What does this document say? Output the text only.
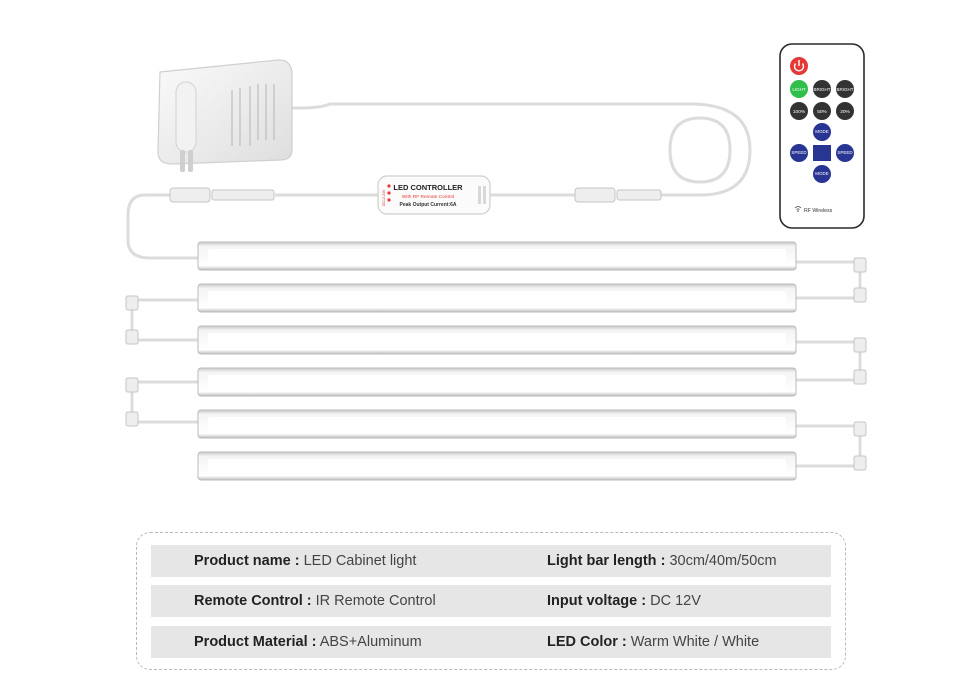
LED CONTROLLER
With RF Remote Control
Peak Output Current:6A
DC12-24V
LIGHT BRIGHT BRIGHT
100%	50%	20%
MODE
SPEED	SPEED
MODE
RF Wireless
Product name : LED Cabinet light	Light bar length : 30cm/40m/50cm
Remote Control : IR Remote Control	Input voltage : DC 12V
Product Material : ABS+Aluminum	LED Color : Warm White / White
